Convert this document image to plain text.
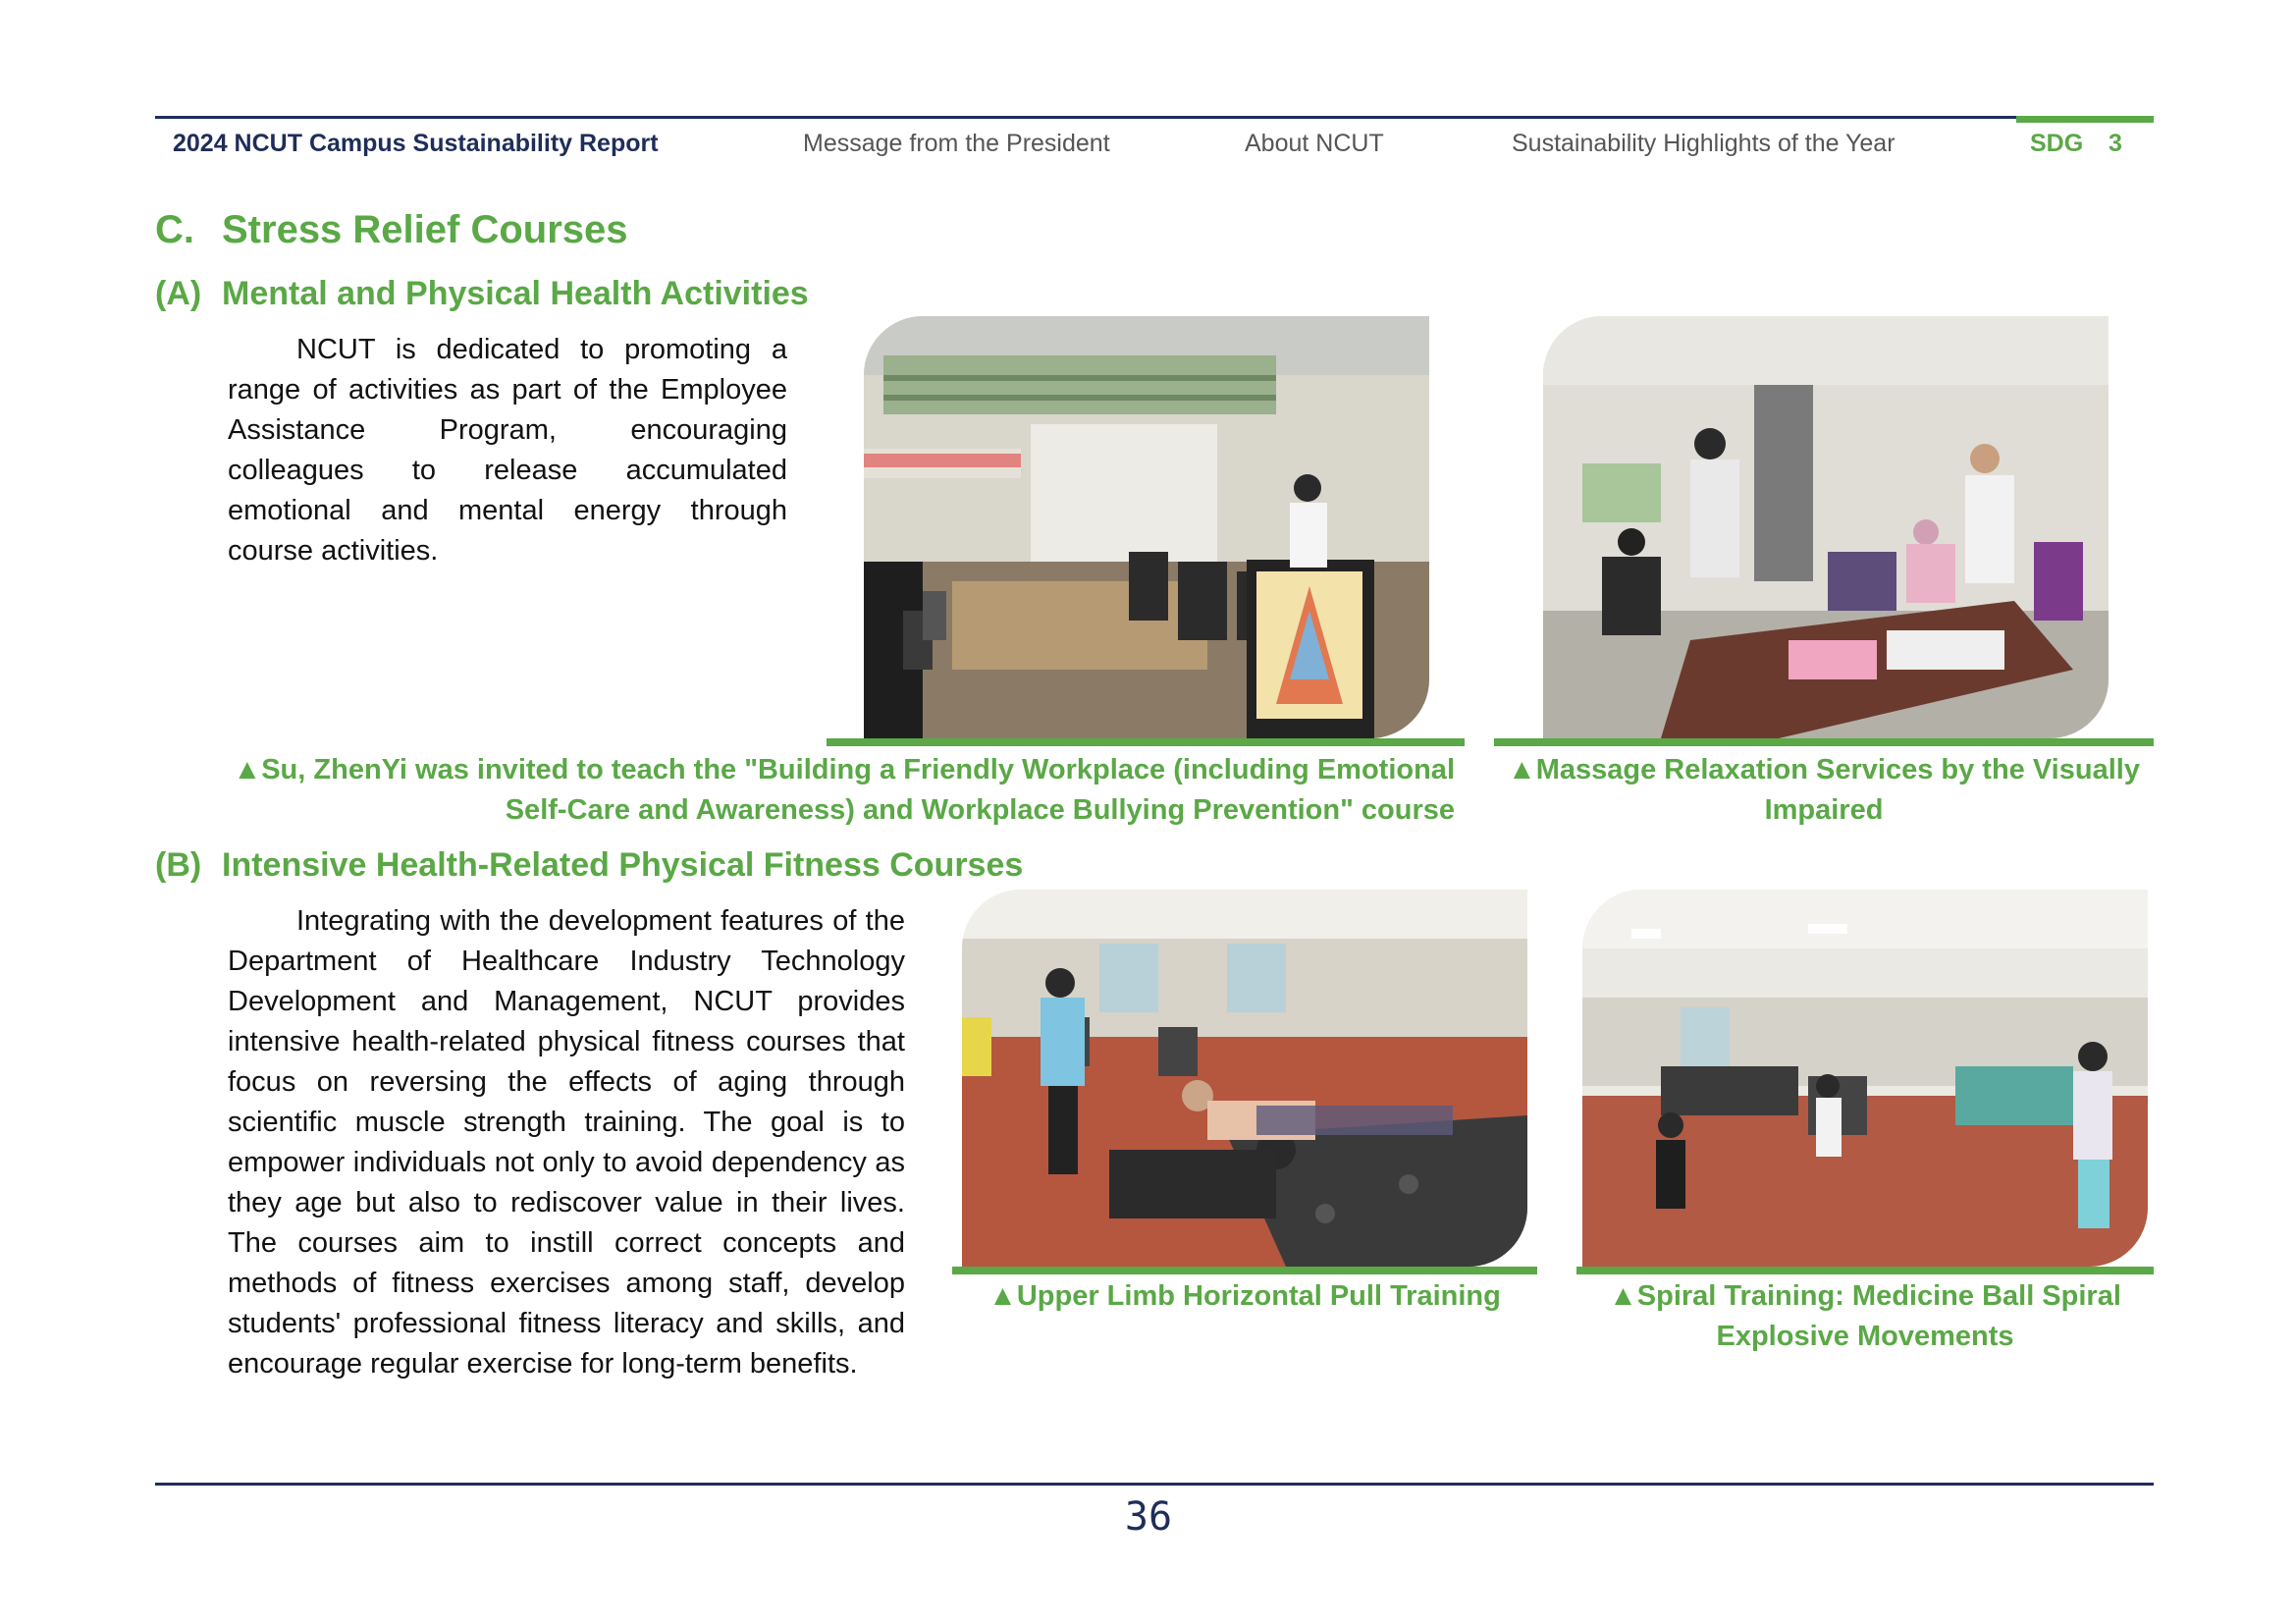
2024 NCUT Campus Sustainability Report	Message from the President	About NCUT	Sustainability Highlights of the Year	SDG 3
C. Stress Relief Courses
(A) Mental and Physical Health Activities
NCUT is dedicated to promoting a range of activities as part of the Employee Assistance Program, encouraging colleagues to release accumulated emotional and mental energy through course activities.
▲Su, ZhenYi was invited to teach the "Building a Friendly Workplace (including Emotional Self-Care and Awareness) and Workplace Bullying Prevention" course
▲Massage Relaxation Services by the Visually Impaired
(B) Intensive Health-Related Physical Fitness Courses
Integrating with the development features of the Department of Healthcare Industry Technology Development and Management, NCUT provides intensive health-related physical fitness courses that focus on reversing the effects of aging through scientific muscle strength training. The goal is to empower individuals not only to avoid dependency as they age but also to rediscover value in their lives. The courses aim to instill correct concepts and methods of fitness exercises among staff, develop students' professional fitness literacy and skills, and encourage regular exercise for long-term benefits.
▲Upper Limb Horizontal Pull Training	▲Spiral Training: Medicine Ball Spiral Explosive Movements
36
